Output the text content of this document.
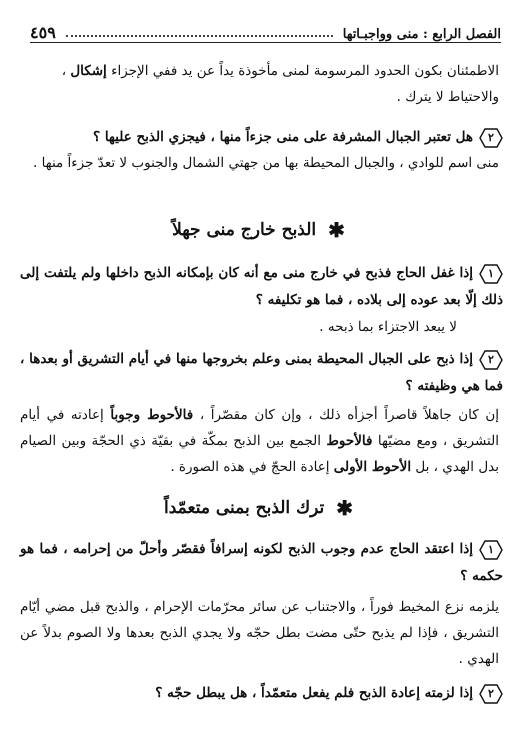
الفصل الرابع : منى وواجبـاتها
٤٥٩
الاطمئنان بكون الحدود المرسومة لمنى مأخوذة يداً عن يد ففي الإجزاء إشكال ،
والاحتياط لا يترك .
٢
هل تعتبر الجبال المشرفة على منى جزءاً منها ، فيجزي الذبح عليها ؟
منى اسم للوادي ، والجبال المحيطة بها من جهتي الشمال والجنوب لا تعدّ جزءاً منها .
✱الذبح خارج منى جهلاً
١
إذا غفل الحاج فذبح في خارج منى مع أنه كان بإمكانه الذبح داخلها ولم يلتفت إلى ذلك إلّا بعد عوده إلى بلاده ، فما هو تكليفه ؟
لا يبعد الاجتزاء بما ذبحه .
٢
إذا ذبح على الجبال المحيطة بمنى وعلم بخروجها منها في أيام التشريق أو بعدها ، فما هي وظيفته ؟
إن كان جاهلاً قاصراً أجزأه ذلك ، وإن كان مقصّراً ، فالأحوط وجوباً إعادته في أيام التشريق ، ومع مضيّها فالأحوط الجمع بين الذبح بمكّة في بقيّة ذي الحجّة وبين الصيام بدل الهدي ، بل الأحوط الأولى إعادة الحجّ في هذه الصورة .
✱ترك الذبح بمنى متعمّداً
١
إذا اعتقد الحاج عدم وجوب الذبح لكونه إسرافاً فقصّر وأحلّ من إحرامه ، فما هو حكمه ؟
يلزمه نزع المخيط فوراً ، والاجتناب عن سائر محرّمات الإحرام ، والذبح قبل مضي أيّام التشريق ، فإذا لم يذبح حتّى مضت بطل حجّه ولا يجدي الذبح بعدها ولا الصوم بدلاً عن الهدي .
٢
إذا لزمته إعادة الذبح فلم يفعل متعمّداً ، هل يبطل حجّه ؟
